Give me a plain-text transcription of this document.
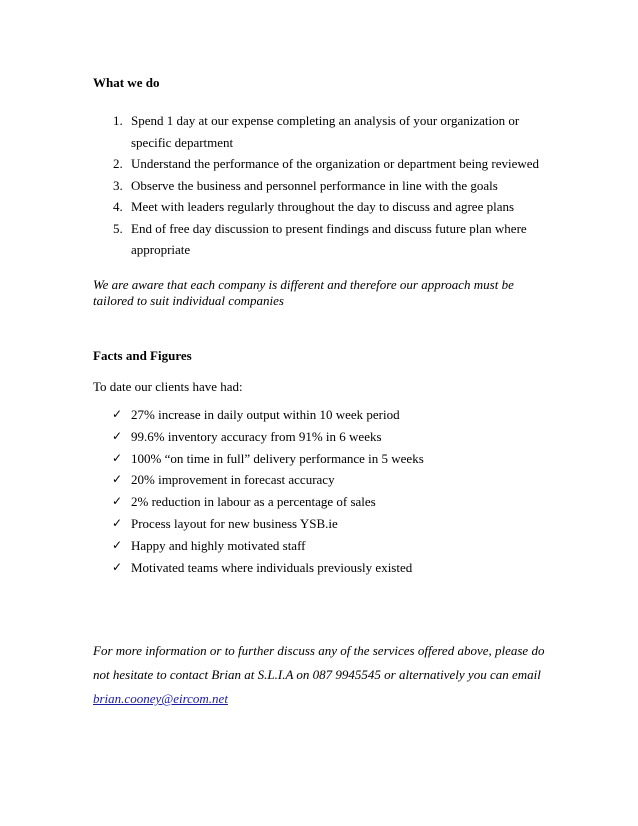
What we do
1. Spend 1 day at our expense completing an analysis of your organization or
specific department
2. Understand the performance of the organization or department being reviewed
3. Observe the business and personnel performance in line with the goals
4. Meet with leaders regularly throughout the day to discuss and agree plans
5. End of free day discussion to present findings and discuss future plan where
appropriate

We are aware that each company is different and therefore our approach must be
tailored to suit individual companies

Facts and Figures

To date our clients have had:

✓ 27% increase in daily output within 10 week period
✓ 99.6% inventory accuracy from 91% in 6 weeks
✓ 100% “on time in full” delivery performance in 5 weeks
✓ 20% improvement in forecast accuracy
✓ 2% reduction in labour as a percentage of sales
✓ Process layout for new business YSB.ie
✓ Happy and highly motivated staff
✓ Motivated teams where individuals previously existed

For more information or to further discuss any of the services offered above, please do
not hesitate to contact Brian at S.L.I.A on 087 9945545 or alternatively you can email
brian.cooney@eircom.net
